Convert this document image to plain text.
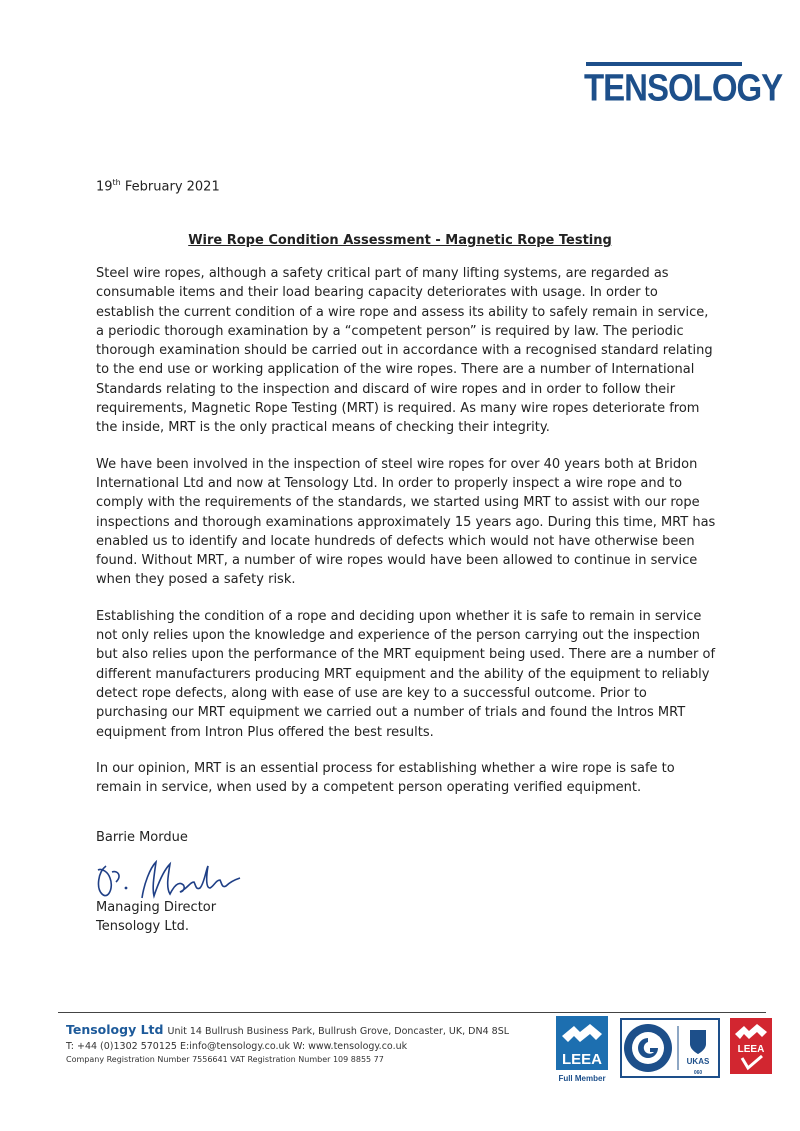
TENSOLOGY
19th February 2021
Wire Rope Condition Assessment - Magnetic Rope Testing

Steel wire ropes, although a safety critical part of many lifting systems, are regarded as consumable items and their load bearing capacity deteriorates with usage. In order to establish the current condition of a wire rope and assess its ability to safely remain in service, a periodic thorough examination by a “competent person” is required by law. The periodic thorough examination should be carried out in accordance with a recognised standard relating to the end use or working application of the wire ropes. There are a number of International Standards relating to the inspection and discard of wire ropes and in order to follow their requirements, Magnetic Rope Testing (MRT) is required. As many wire ropes deteriorate from the inside, MRT is the only practical means of checking their integrity.

We have been involved in the inspection of steel wire ropes for over 40 years both at Bridon International Ltd and now at Tensology Ltd. In order to properly inspect a wire rope and to comply with the requirements of the standards, we started using MRT to assist with our rope inspections and thorough examinations approximately 15 years ago. During this time, MRT has enabled us to identify and locate hundreds of defects which would not have otherwise been found. Without MRT, a number of wire ropes would have been allowed to continue in service when they posed a safety risk.

Establishing the condition of a rope and deciding upon whether it is safe to remain in service not only relies upon the knowledge and experience of the person carrying out the inspection but also relies upon the performance of the MRT equipment being used. There are a number of different manufacturers producing MRT equipment and the ability of the equipment to reliably detect rope defects, along with ease of use are key to a successful outcome. Prior to purchasing our MRT equipment we carried out a number of trials and found the Intros MRT equipment from Intron Plus offered the best results.

In our opinion, MRT is an essential process for establishing whether a wire rope is safe to remain in service, when used by a competent person operating verified equipment.

Barrie Mordue
Managing Director
Tensology Ltd.
Tensology Ltd Unit 14 Bullrush Business Park, Bullrush Grove, Doncaster, UK, DN4 8SL
T: +44 (0)1302 570125 E:info@tensology.co.uk W: www.tensology.co.uk
Company Registration Number 7556641 VAT Registration Number 109 8855 77	LEEA
Full Member
UKAS
060
LEEA
